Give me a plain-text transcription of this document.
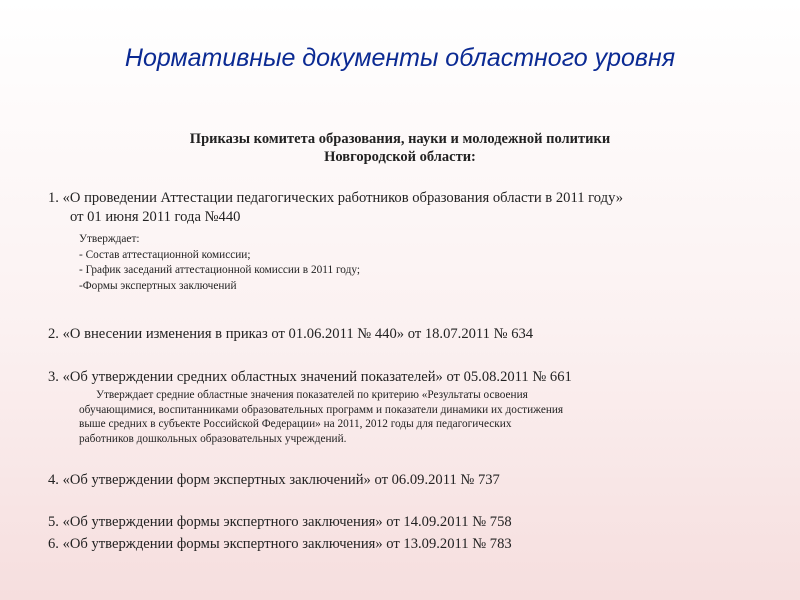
Нормативные документы областного уровня
Приказы комитета образования, науки и молодежной политики
Новгородской области:
1. «О проведении Аттестации педагогических работников образования области в 2011 году»
от 01 июня 2011 года №440
Утверждает:
- Состав аттестационной комиссии;
- График заседаний аттестационной комиссии в 2011 году;
-Формы экспертных заключений
2. «О внесении изменения в приказ от 01.06.2011 № 440» от 18.07.2011 № 634
3. «Об утверждении средних областных значений показателей» от 05.08.2011 № 661
Утверждает средние областные значения показателей по критерию «Результаты освоения
обучающимися, воспитанниками образовательных программ и показатели динамики их достижения
выше средних в субъекте Российской Федерации» на 2011, 2012 годы для педагогических
работников дошкольных образовательных учреждений.
4. «Об утверждении форм экспертных заключений» от 06.09.2011 № 737
5. «Об утверждении формы экспертного заключения» от 14.09.2011 № 758
6. «Об утверждении формы экспертного заключения» от 13.09.2011 № 783
